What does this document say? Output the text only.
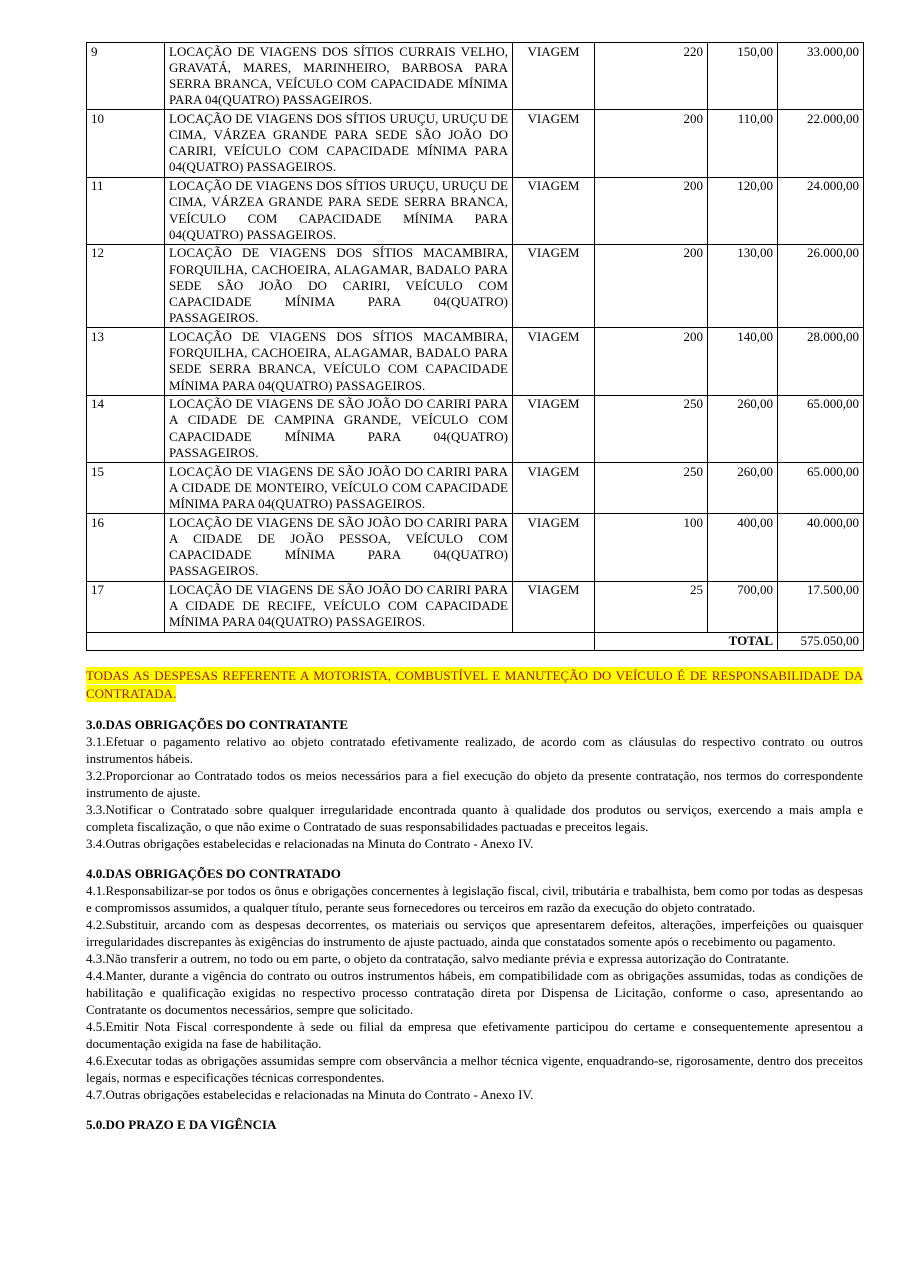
9	LOCAÇÃO DE VIAGENS DOS SÍTIOS CURRAIS VELHO, GRAVATÁ, MARES, MARINHEIRO, BARBOSA PARA SERRA BRANCA, VEÍCULO COM CAPACIDADE MÍNIMA PARA 04(QUATRO) PASSAGEIROS.	VIAGEM	220	150,00	33.000,00
10	LOCAÇÃO DE VIAGENS DOS SÍTIOS URUÇU, URUÇU DE CIMA, VÁRZEA GRANDE PARA SEDE SÃO JOÃO DO CARIRI, VEÍCULO COM CAPACIDADE MÍNIMA PARA 04(QUATRO) PASSAGEIROS.	VIAGEM	200	110,00	22.000,00
11	LOCAÇÃO DE VIAGENS DOS SÍTIOS URUÇU, URUÇU DE CIMA, VÁRZEA GRANDE PARA SEDE SERRA BRANCA, VEÍCULO COM CAPACIDADE MÍNIMA PARA 04(QUATRO) PASSAGEIROS.	VIAGEM	200	120,00	24.000,00
12	LOCAÇÃO DE VIAGENS DOS SÍTIOS MACAMBIRA, FORQUILHA, CACHOEIRA, ALAGAMAR, BADALO PARA SEDE SÃO JOÃO DO CARIRI, VEÍCULO COM CAPACIDADE MÍNIMA PARA 04(QUATRO) PASSAGEIROS.	VIAGEM	200	130,00	26.000,00
13	LOCAÇÃO DE VIAGENS DOS SÍTIOS MACAMBIRA, FORQUILHA, CACHOEIRA, ALAGAMAR, BADALO PARA SEDE SERRA BRANCA, VEÍCULO COM CAPACIDADE MÍNIMA PARA 04(QUATRO) PASSAGEIROS.	VIAGEM	200	140,00	28.000,00
14	LOCAÇÃO DE VIAGENS DE SÃO JOÃO DO CARIRI PARA A CIDADE DE CAMPINA GRANDE, VEÍCULO COM CAPACIDADE MÍNIMA PARA 04(QUATRO) PASSAGEIROS.	VIAGEM	250	260,00	65.000,00
15	LOCAÇÃO DE VIAGENS DE SÃO JOÃO DO CARIRI PARA A CIDADE DE MONTEIRO, VEÍCULO COM CAPACIDADE MÍNIMA PARA 04(QUATRO) PASSAGEIROS.	VIAGEM	250	260,00	65.000,00
16	LOCAÇÃO DE VIAGENS DE SÃO JOÃO DO CARIRI PARA A CIDADE DE JOÃO PESSOA, VEÍCULO COM CAPACIDADE MÍNIMA PARA 04(QUATRO) PASSAGEIROS.	VIAGEM	100	400,00	40.000,00
17	LOCAÇÃO DE VIAGENS DE SÃO JOÃO DO CARIRI PARA A CIDADE DE RECIFE, VEÍCULO COM CAPACIDADE MÍNIMA PARA 04(QUATRO) PASSAGEIROS.	VIAGEM	25	700,00	17.500,00
			TOTAL		575.050,00

TODAS AS DESPESAS REFERENTE A MOTORISTA, COMBUSTÍVEL E MANUTEÇÃO DO VEÍCULO É DE RESPONSABILIDADE DA CONTRATADA.

3.0.DAS OBRIGAÇÕES DO CONTRATANTE

3.1.Efetuar o pagamento relativo ao objeto contratado efetivamente realizado, de acordo com as cláusulas do respectivo contrato ou outros instrumentos hábeis.

3.2.Proporcionar ao Contratado todos os meios necessários para a fiel execução do objeto da presente contratação, nos termos do correspondente instrumento de ajuste.

3.3.Notificar o Contratado sobre qualquer irregularidade encontrada quanto à qualidade dos produtos ou serviços, exercendo a mais ampla e completa fiscalização, o que não exime o Contratado de suas responsabilidades pactuadas e preceitos legais.

3.4.Outras obrigações estabelecidas e relacionadas na Minuta do Contrato - Anexo IV.

4.0.DAS OBRIGAÇÕES DO CONTRATADO

4.1.Responsabilizar-se por todos os ônus e obrigações concernentes à legislação fiscal, civil, tributária e trabalhista, bem como por todas as despesas e compromissos assumidos, a qualquer título, perante seus fornecedores ou terceiros em razão da execução do objeto contratado.

4.2.Substituir, arcando com as despesas decorrentes, os materiais ou serviços que apresentarem defeitos, alterações, imperfeições ou quaisquer irregularidades discrepantes às exigências do instrumento de ajuste pactuado, ainda que constatados somente após o recebimento ou pagamento.

4.3.Não transferir a outrem, no todo ou em parte, o objeto da contratação, salvo mediante prévia e expressa autorização do Contratante.

4.4.Manter, durante a vigência do contrato ou outros instrumentos hábeis, em compatibilidade com as obrigações assumidas, todas as condições de habilitação e qualificação exigidas no respectivo processo contratação direta por Dispensa de Licitação, conforme o caso, apresentando ao Contratante os documentos necessários, sempre que solicitado.

4.5.Emitir Nota Fiscal correspondente à sede ou filial da empresa que efetivamente participou do certame e consequentemente apresentou a documentação exigida na fase de habilitação.

4.6.Executar todas as obrigações assumidas sempre com observância a melhor técnica vigente, enquadrando-se, rigorosamente, dentro dos preceitos legais, normas e especificações técnicas correspondentes.

4.7.Outras obrigações estabelecidas e relacionadas na Minuta do Contrato - Anexo IV.

5.0.DO PRAZO E DA VIGÊNCIA
